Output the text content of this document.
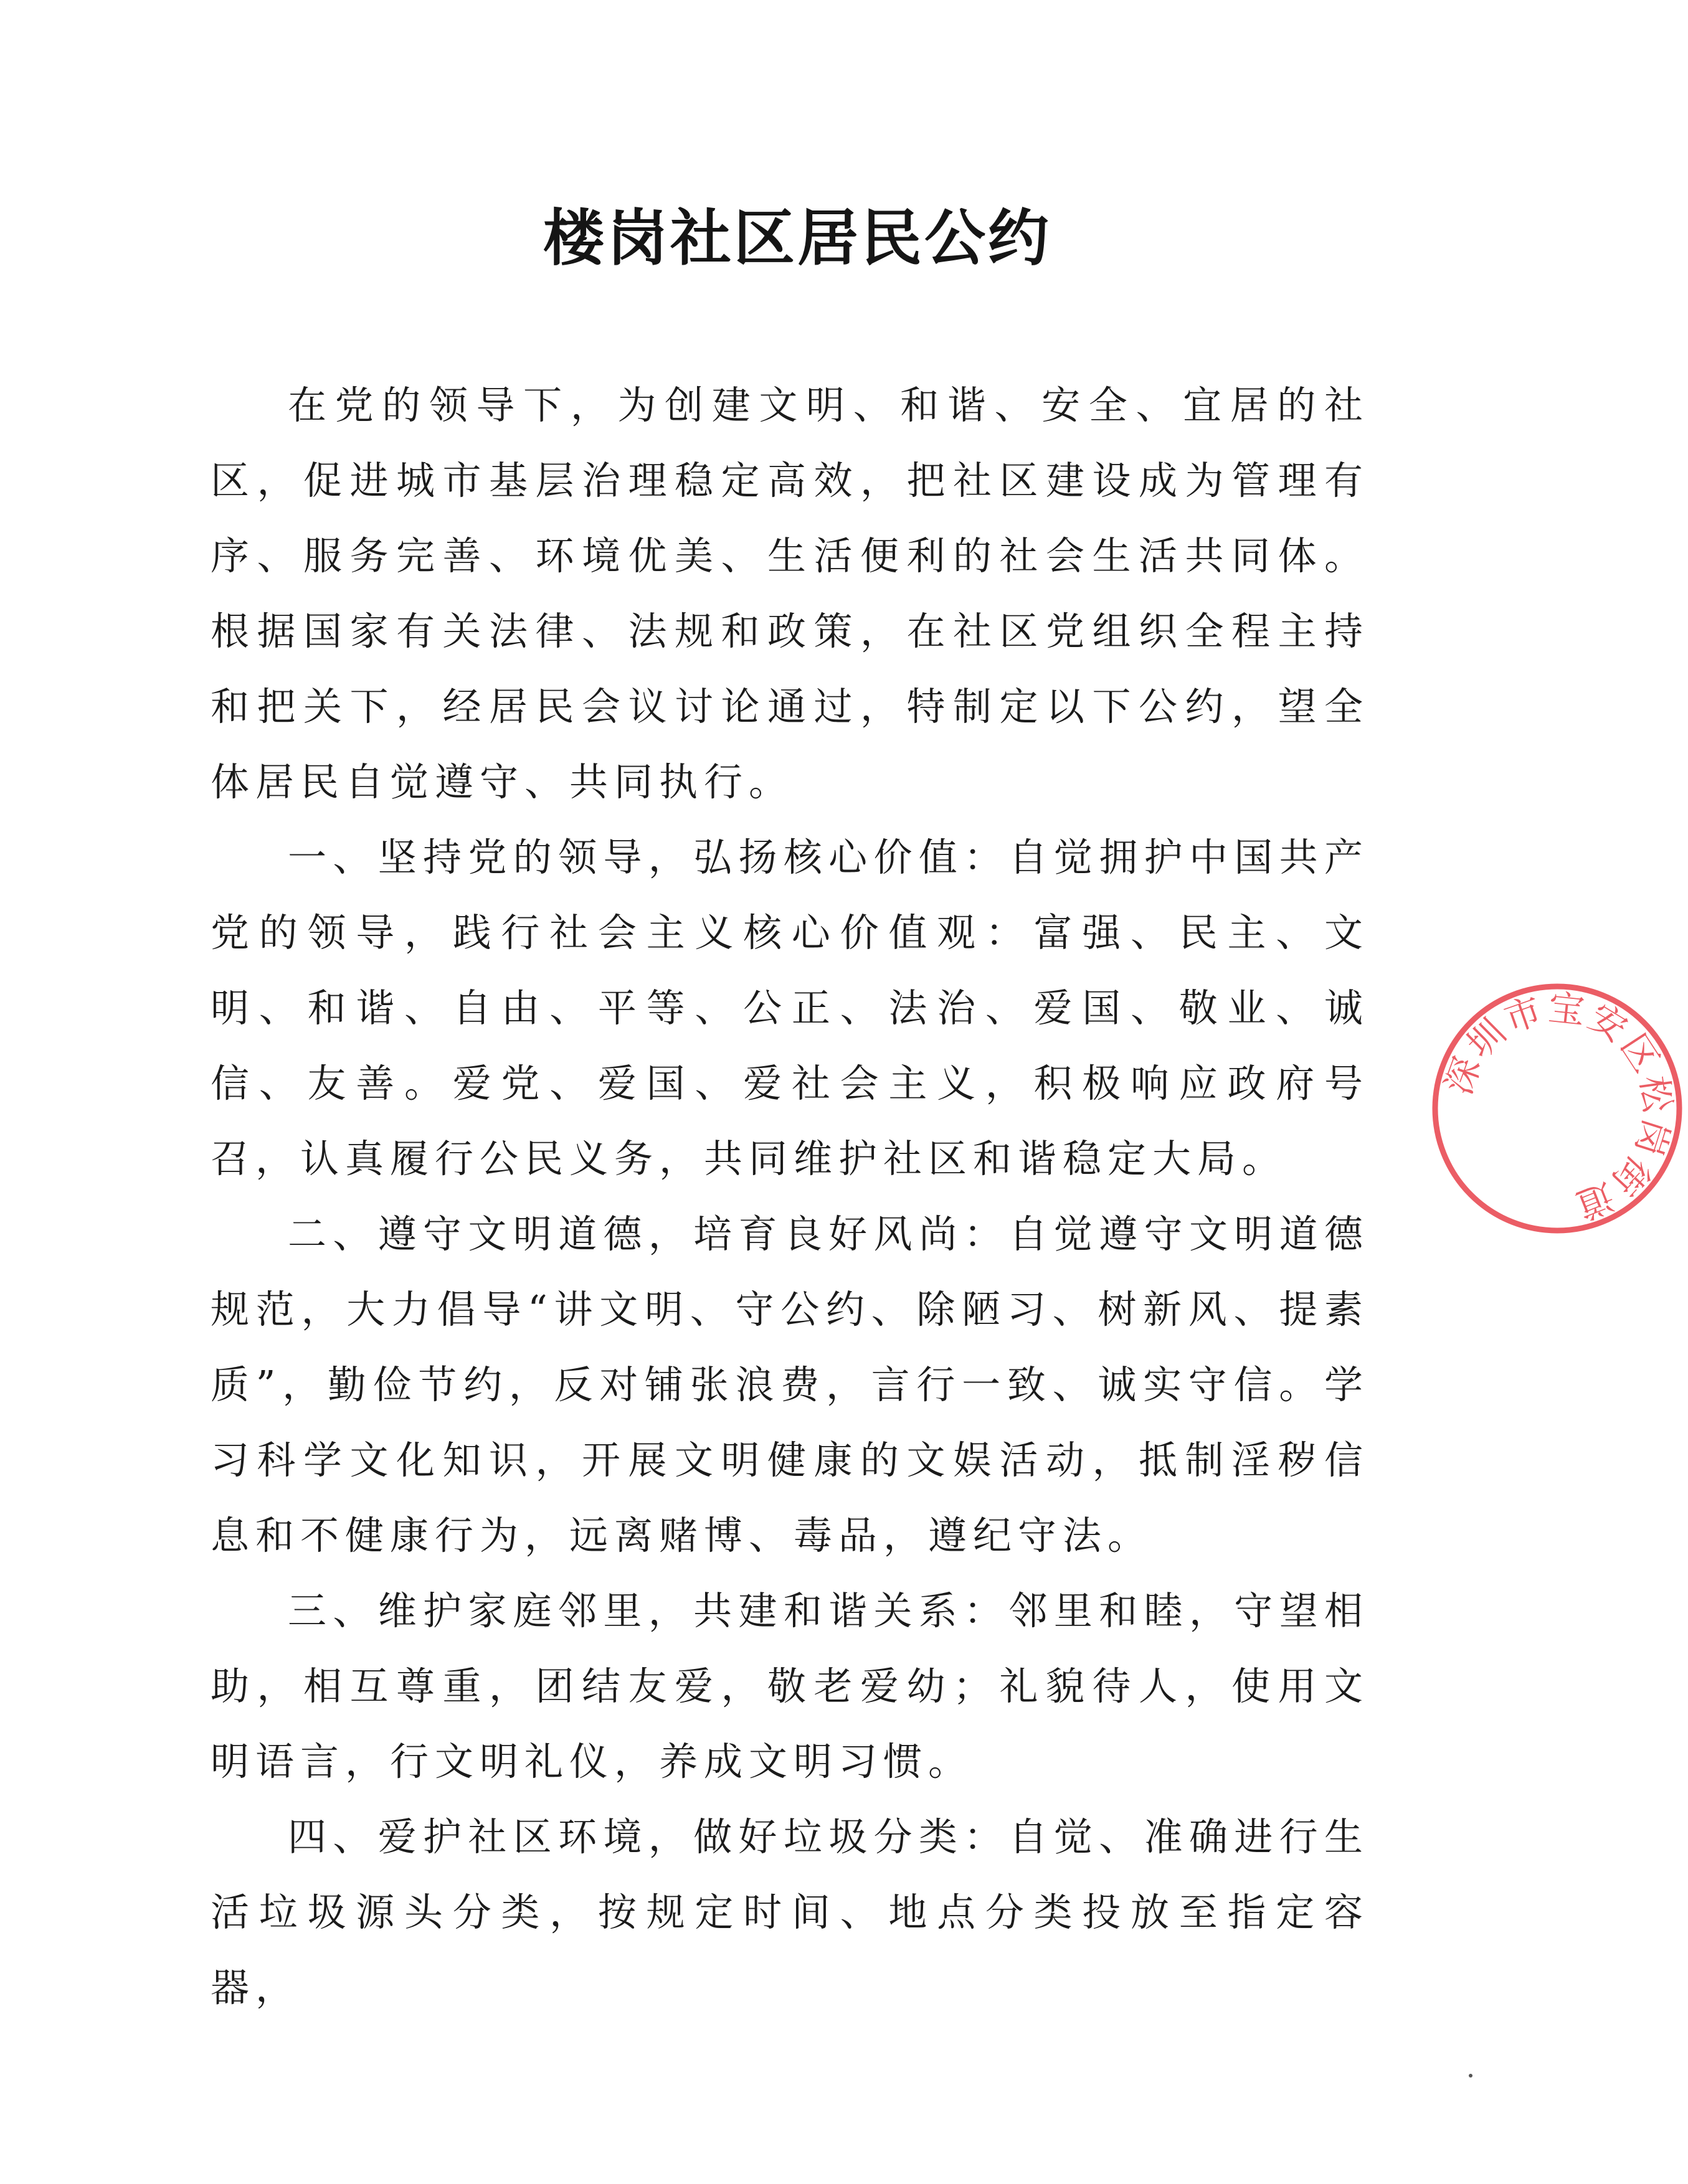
楼岗社区居民公约

在党的领导下，为创建文明、和谐、安全、宜居的社区，促进城市基层治理稳定高效，把社区建设成为管理有序、服务完善、环境优美、生活便利的社会生活共同体。根据国家有关法律、法规和政策，在社区党组织全程主持和把关下，经居民会议讨论通过，特制定以下公约，望全体居民自觉遵守、共同执行。

一、坚持党的领导，弘扬核心价值：自觉拥护中国共产党的领导，践行社会主义核心价值观：富强、民主、文明、和谐、自由、平等、公正、法治、爱国、敬业、诚信、友善。爱党、爱国、爱社会主义，积极响应政府号召，认真履行公民义务，共同维护社区和谐稳定大局。

二、遵守文明道德，培育良好风尚：自觉遵守文明道德规范，大力倡导“讲文明、守公约、除陋习、树新风、提素质”，勤俭节约，反对铺张浪费，言行一致、诚实守信。学习科学文化知识，开展文明健康的文娱活动，抵制淫秽信息和不健康行为，远离赌博、毒品，遵纪守法。

三、维护家庭邻里，共建和谐关系：邻里和睦，守望相助，相互尊重，团结友爱，敬老爱幼；礼貌待人，使用文明语言，行文明礼仪，养成文明习惯。

四、爱护社区环境，做好垃圾分类：自觉、准确进行生活垃圾源头分类，按规定时间、地点分类投放至指定容器，

深圳市宝安区松岗街道
